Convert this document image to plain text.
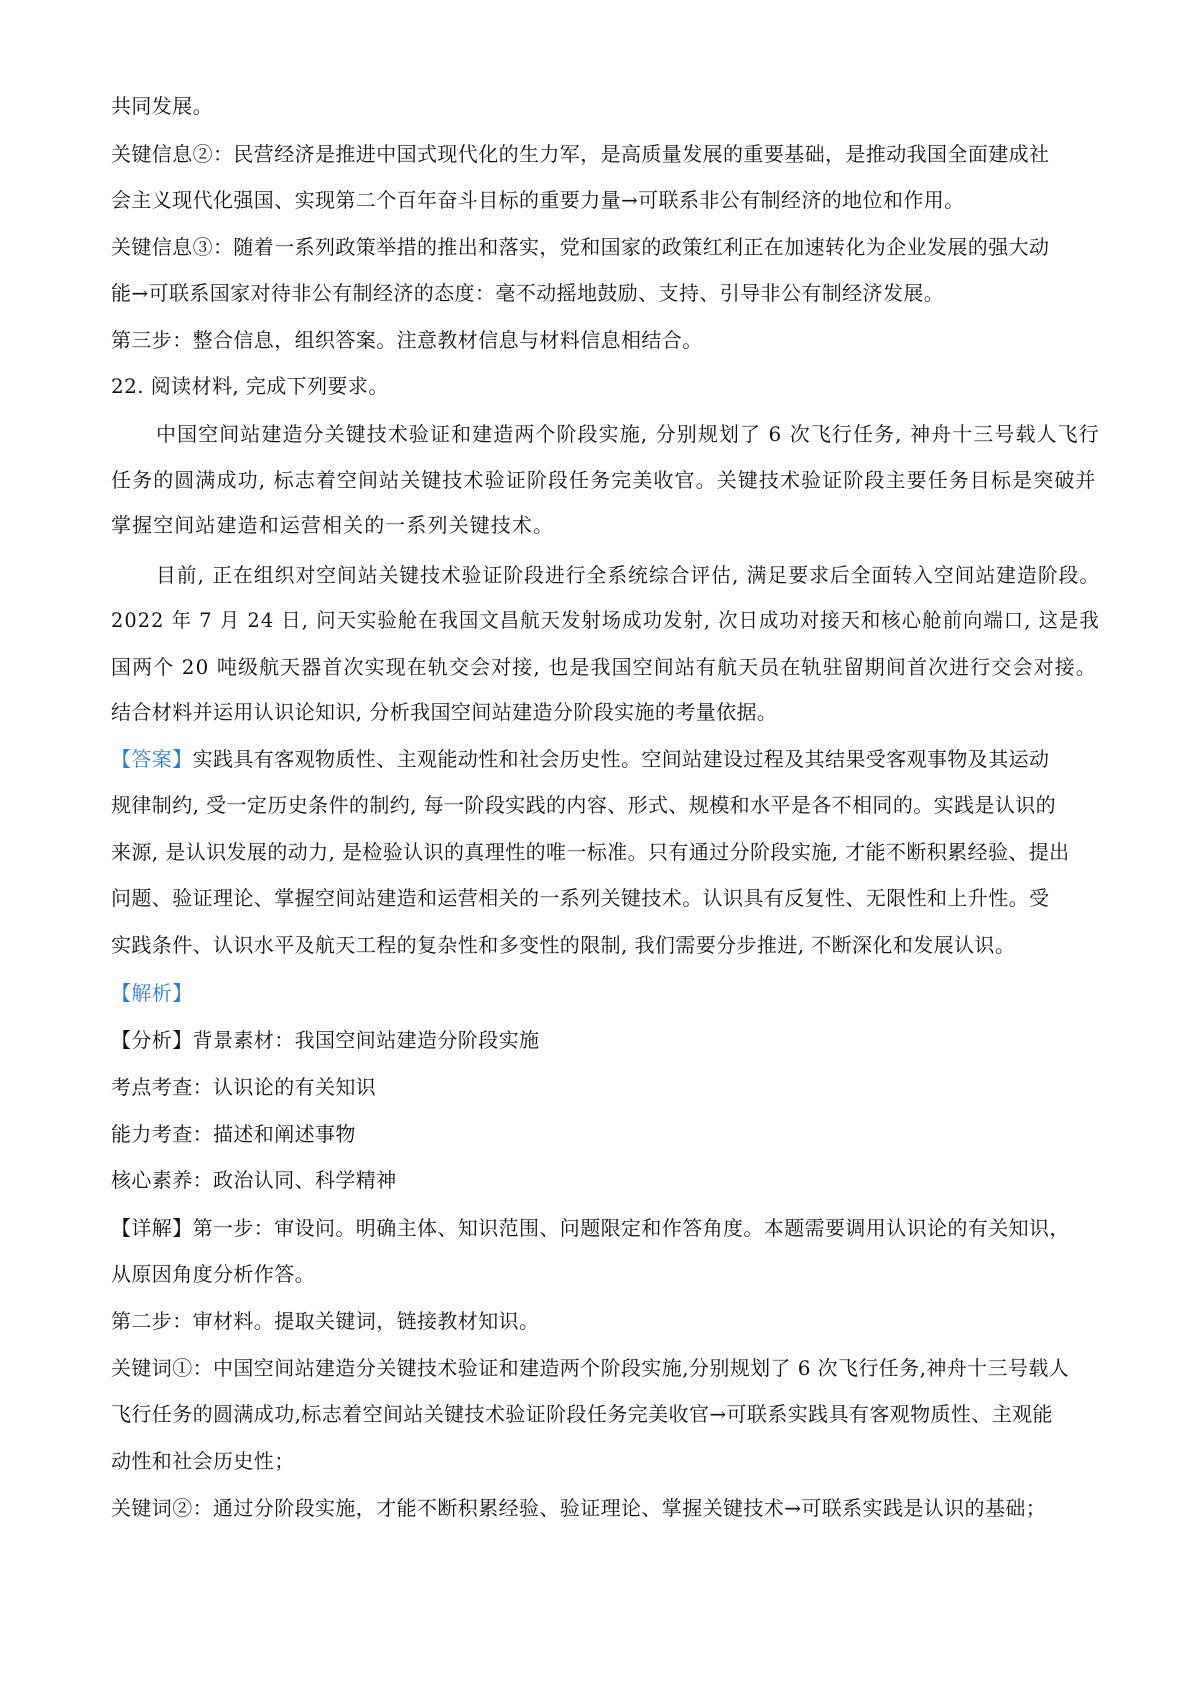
共同发展。
关键信息②：民营经济是推进中国式现代化的生力军，是高质量发展的重要基础，是推动我国全面建成社
会主义现代化强国、实现第二个百年奋斗目标的重要力量→可联系非公有制经济的地位和作用。
关键信息③：随着一系列政策举措的推出和落实，党和国家的政策红利正在加速转化为企业发展的强大动
能→可联系国家对待非公有制经济的态度：毫不动摇地鼓励、支持、引导非公有制经济发展。
第三步：整合信息，组织答案。注意教材信息与材料信息相结合。
22. 阅读材料, 完成下列要求。
中国空间站建造分关键技术验证和建造两个阶段实施, 分别规划了 6 次飞行任务, 神舟十三号载人飞行
任务的圆满成功, 标志着空间站关键技术验证阶段任务完美收官。关键技术验证阶段主要任务目标是突破并
掌握空间站建造和运营相关的一系列关键技术。
目前, 正在组织对空间站关键技术验证阶段进行全系统综合评估, 满足要求后全面转入空间站建造阶段。
2022 年 7 月 24 日, 问天实验舱在我国文昌航天发射场成功发射, 次日成功对接天和核心舱前向端口, 这是我
国两个 20 吨级航天器首次实现在轨交会对接, 也是我国空间站有航天员在轨驻留期间首次进行交会对接。
结合材料并运用认识论知识, 分析我国空间站建造分阶段实施的考量依据。
【答案】实践具有客观物质性、主观能动性和社会历史性。空间站建设过程及其结果受客观事物及其运动
规律制约, 受一定历史条件的制约, 每一阶段实践的内容、形式、规模和水平是各不相同的。实践是认识的
来源, 是认识发展的动力, 是检验认识的真理性的唯一标准。只有通过分阶段实施, 才能不断积累经验、提出
问题、验证理论、掌握空间站建造和运营相关的一系列关键技术。认识具有反复性、无限性和上升性。受
实践条件、认识水平及航天工程的复杂性和多变性的限制, 我们需要分步推进, 不断深化和发展认识。
【解析】
【分析】背景素材：我国空间站建造分阶段实施
考点考查：认识论的有关知识
能力考查：描述和阐述事物
核心素养：政治认同、科学精神
【详解】第一步：审设问。明确主体、知识范围、问题限定和作答角度。本题需要调用认识论的有关知识，
从原因角度分析作答。
第二步：审材料。提取关键词，链接教材知识。
关键词①：中国空间站建造分关键技术验证和建造两个阶段实施,分别规划了 6 次飞行任务,神舟十三号载人
飞行任务的圆满成功,标志着空间站关键技术验证阶段任务完美收官→可联系实践具有客观物质性、主观能
动性和社会历史性；
关键词②：通过分阶段实施，才能不断积累经验、验证理论、掌握关键技术→可联系实践是认识的基础；
